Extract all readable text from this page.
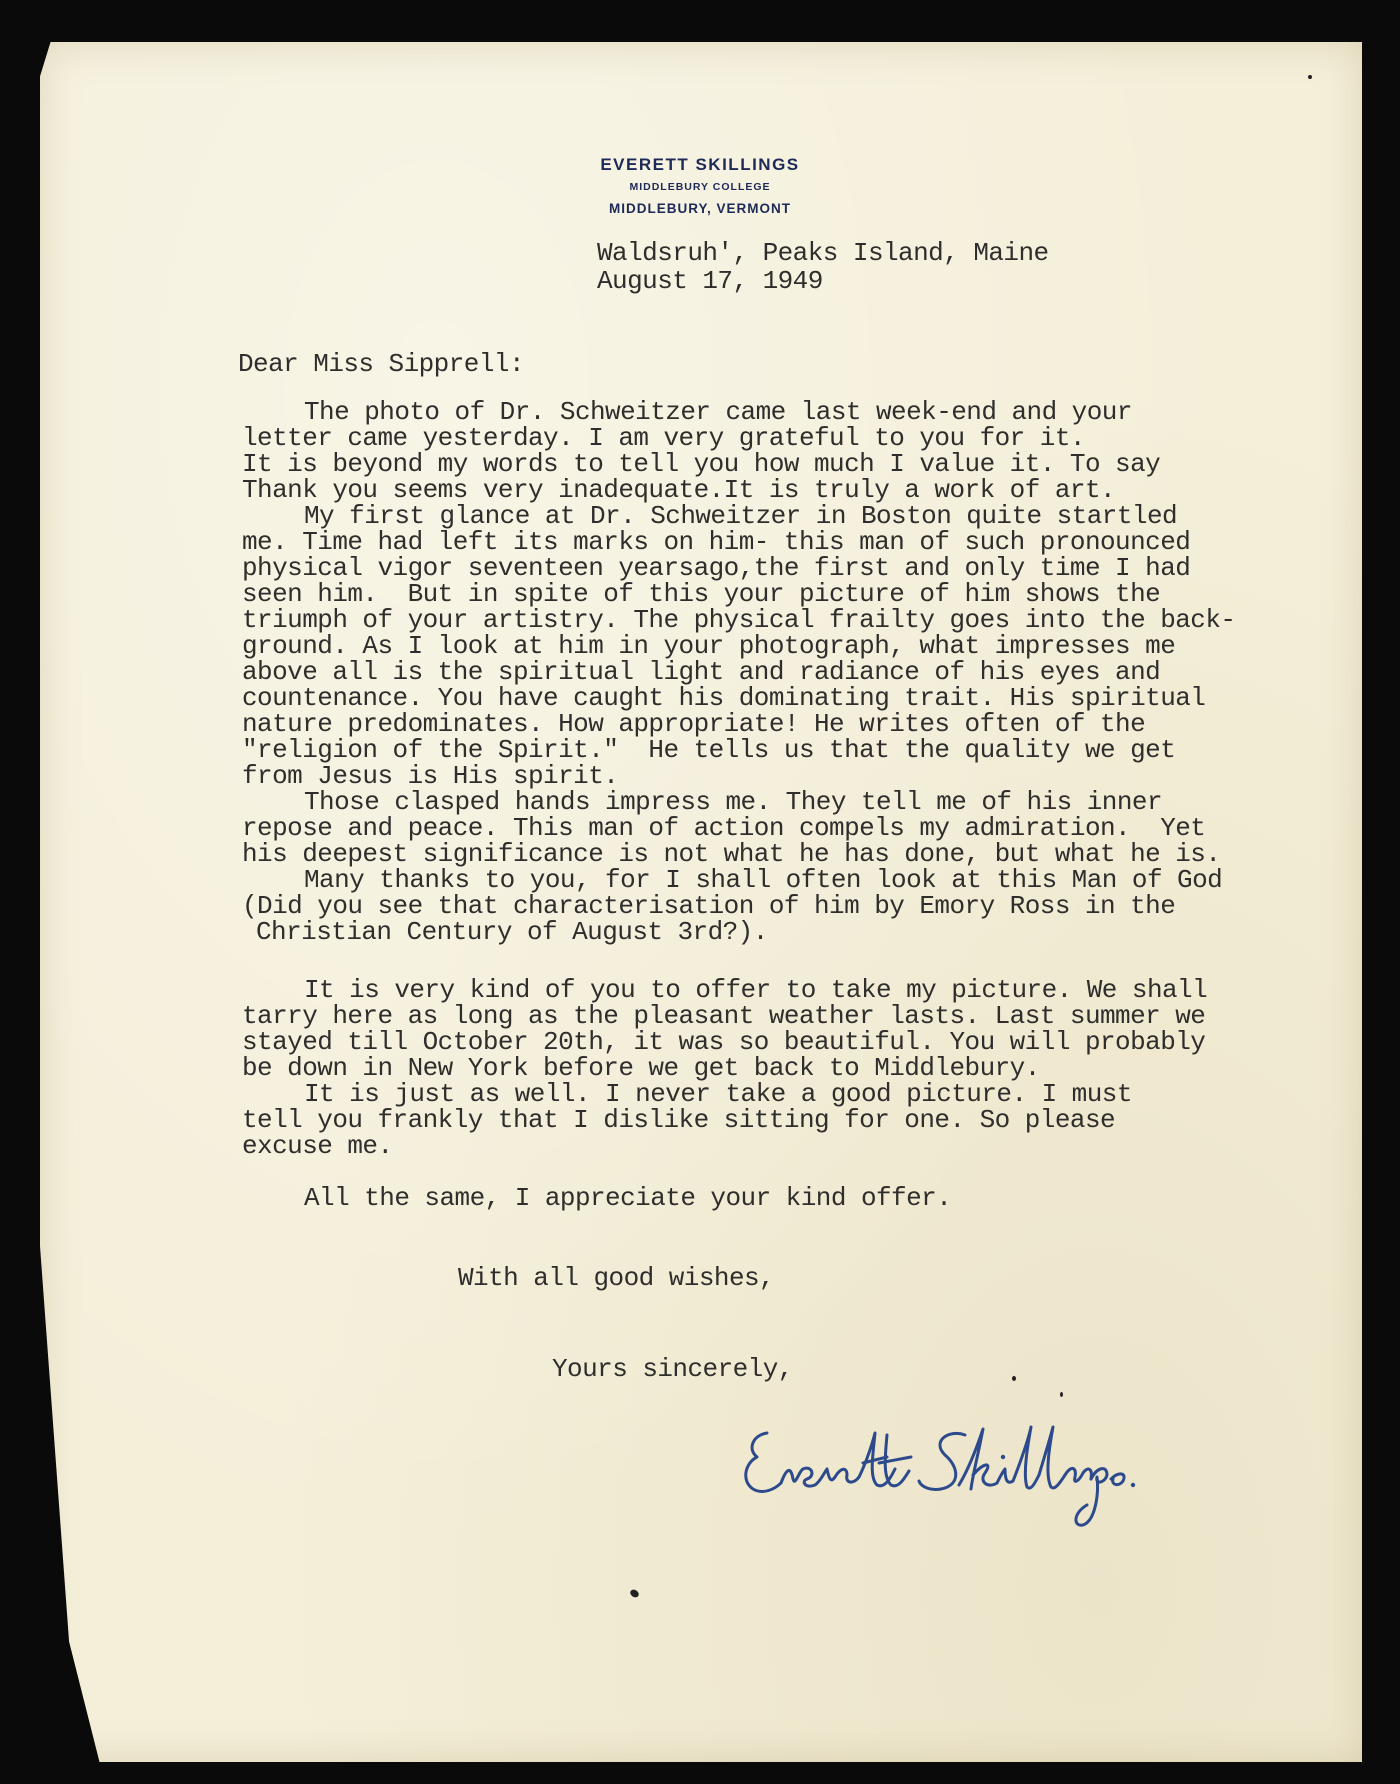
EVERETT SKILLINGS
MIDDLEBURY COLLEGE
MIDDLEBURY, VERMONT
Waldsruh', Peaks Island, Maine
August 17, 1949
Dear Miss Sipprell:
The photo of Dr. Schweitzer came last week-end and your
letter came yesterday. I am very grateful to you for it.
It is beyond my words to tell you how much I value it. To say
Thank you seems very inadequate.It is truly a work of art.
My first glance at Dr. Schweitzer in Boston quite startled
me. Time had left its marks on him- this man of such pronounced
physical vigor seventeen yearsago,the first and only time I had
seen him.  But in spite of this your picture of him shows the
triumph of your artistry. The physical frailty goes into the back-
ground. As I look at him in your photograph, what impresses me
above all is the spiritual light and radiance of his eyes and
countenance. You have caught his dominating trait. His spiritual
nature predominates. How appropriate! He writes often of the
"religion of the Spirit."  He tells us that the quality we get
from Jesus is His spirit.
Those clasped hands impress me. They tell me of his inner
repose and peace. This man of action compels my admiration.  Yet
his deepest significance is not what he has done, but what he is.
Many thanks to you, for I shall often look at this Man of God
(Did you see that characterisation of him by Emory Ross in the
Christian Century of August 3rd?).
It is very kind of you to offer to take my picture. We shall
tarry here as long as the pleasant weather lasts. Last summer we
stayed till October 20th, it was so beautiful. You will probably
be down in New York before we get back to Middlebury.
It is just as well. I never take a good picture. I must
tell you frankly that I dislike sitting for one. So please
excuse me.
All the same, I appreciate your kind offer.
With all good wishes,
Yours sincerely,
